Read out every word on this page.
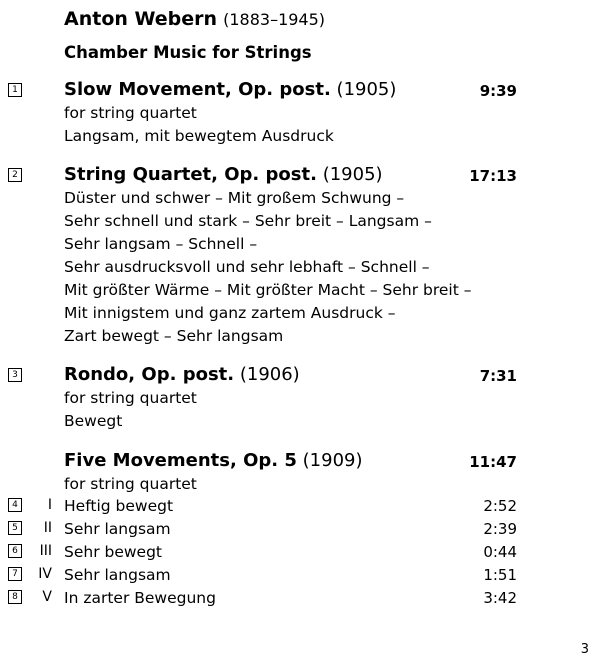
Anton Webern (1883–1945)
Chamber Music for Strings
1	Slow Movement, Op. post. (1905)	9:39
for string quartet
Langsam, mit bewegtem Ausdruck
2	String Quartet, Op. post. (1905)	17:13
Düster und schwer – Mit großem Schwung –
Sehr schnell und stark – Sehr breit – Langsam –
Sehr langsam – Schnell –
Sehr ausdrucksvoll und sehr lebhaft – Schnell –
Mit größter Wärme – Mit größter Macht – Sehr breit –
Mit innigstem und ganz zartem Ausdruck –
Zart bewegt – Sehr langsam
3	Rondo, Op. post. (1906)	7:31
for string quartet
Bewegt
Five Movements, Op. 5 (1909)	11:47
for string quartet
4	I Heftig bewegt	2:52
5	II Sehr langsam	2:39
6	III Sehr bewegt	0:44
7	IV Sehr langsam	1:51
8	V In zarter Bewegung	3:42
3
